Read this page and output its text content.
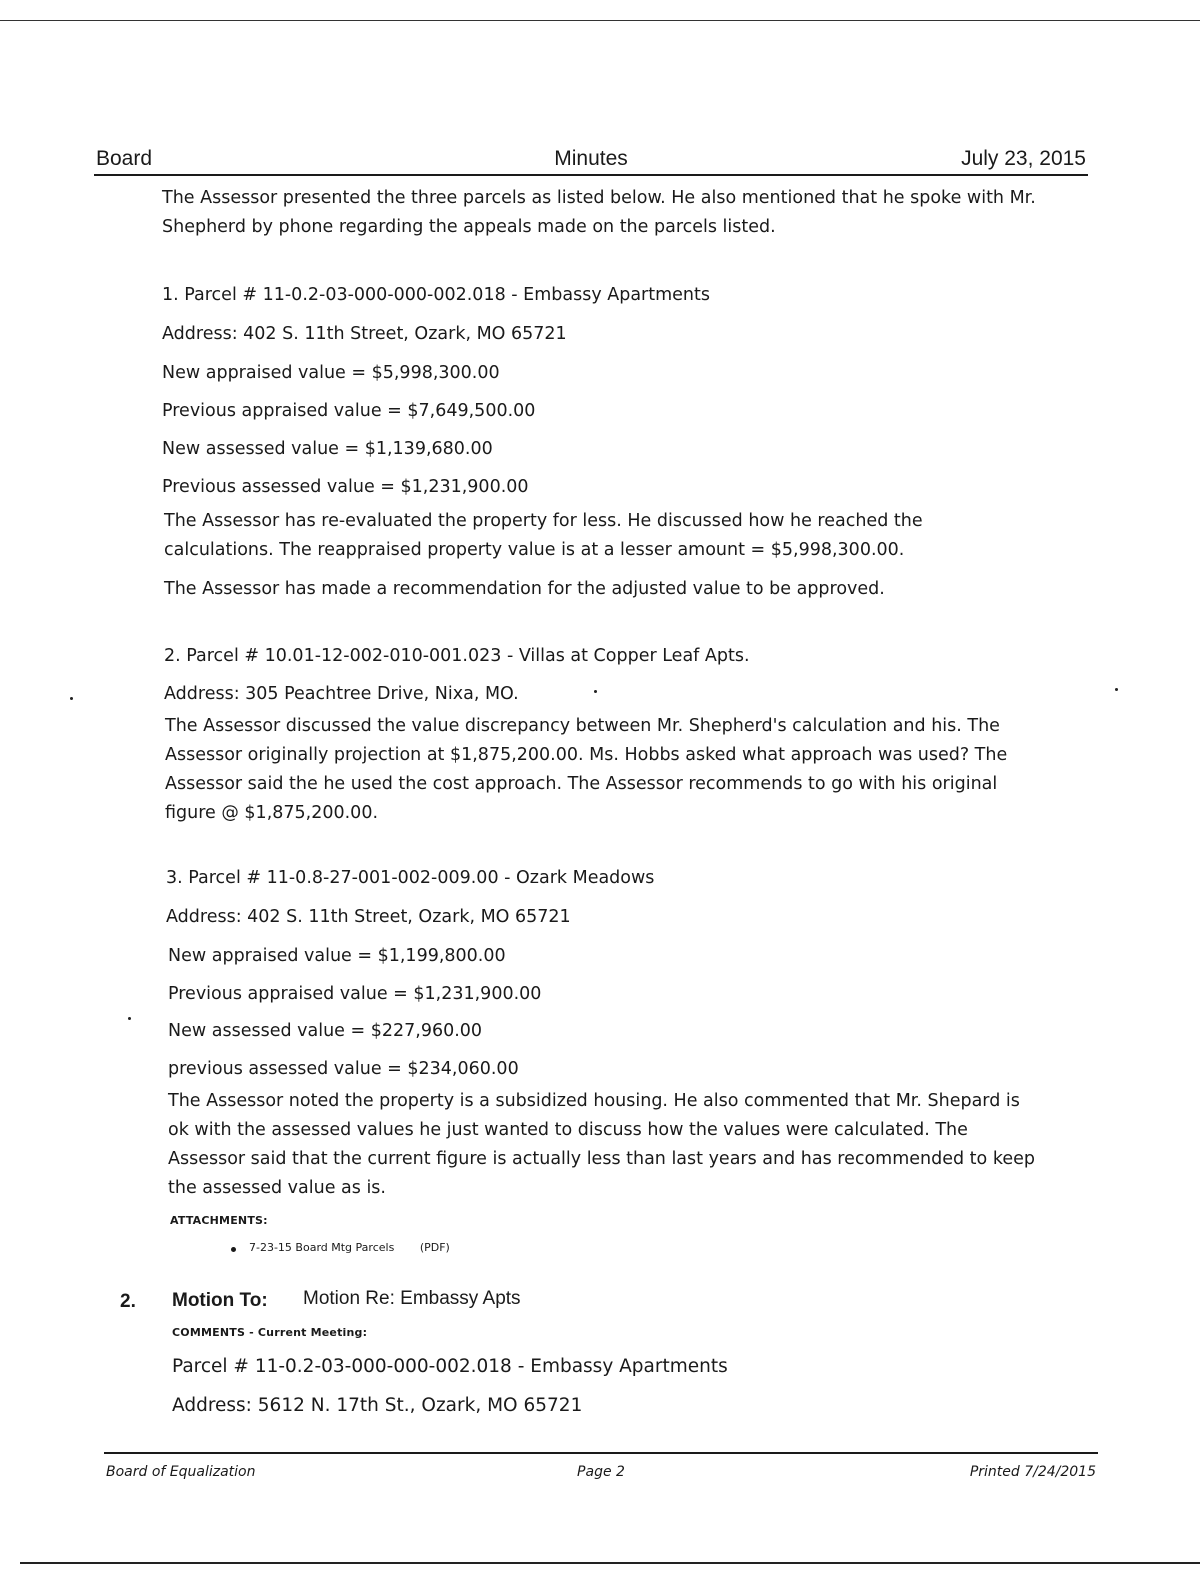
Board	Minutes	July 23, 2015

The Assessor presented the three parcels as listed below. He also mentioned that he spoke with Mr. Shepherd by phone regarding the appeals made on the parcels listed.

1. Parcel # 11-0.2-03-000-000-002.018 - Embassy Apartments

Address: 402 S. 11th Street, Ozark, MO 65721

New appraised value = $5,998,300.00

Previous appraised value = $7,649,500.00

New assessed value = $1,139,680.00

Previous assessed value = $1,231,900.00

The Assessor has re-evaluated the property for less. He discussed how he reached the calculations. The reappraised property value is at a lesser amount = $5,998,300.00.

The Assessor has made a recommendation for the adjusted value to be approved.

2. Parcel # 10.01-12-002-010-001.023 - Villas at Copper Leaf Apts.

Address: 305 Peachtree Drive, Nixa, MO.

The Assessor discussed the value discrepancy between Mr. Shepherd's calculation and his. The Assessor originally projection at $1,875,200.00. Ms. Hobbs asked what approach was used? The Assessor said the he used the cost approach. The Assessor recommends to go with his original figure @ $1,875,200.00.

3. Parcel # 11-0.8-27-001-002-009.00 - Ozark Meadows

Address: 402 S. 11th Street, Ozark, MO 65721

New appraised value = $1,199,800.00

Previous appraised value = $1,231,900.00

New assessed value = $227,960.00

previous assessed value = $234,060.00

The Assessor noted the property is a subsidized housing. He also commented that Mr. Shepard is ok with the assessed values he just wanted to discuss how the values were calculated. The Assessor said that the current figure is actually less than last years and has recommended to keep the assessed value as is.

ATTACHMENTS:
7-23-15 Board Mtg Parcels (PDF)
2. Motion To: Motion Re: Embassy Apts
COMMENTS - Current Meeting:

Parcel # 11-0.2-03-000-000-002.018 - Embassy Apartments

Address: 5612 N. 17th St., Ozark, MO 65721

Board of Equalization	Page 2	Printed 7/24/2015
